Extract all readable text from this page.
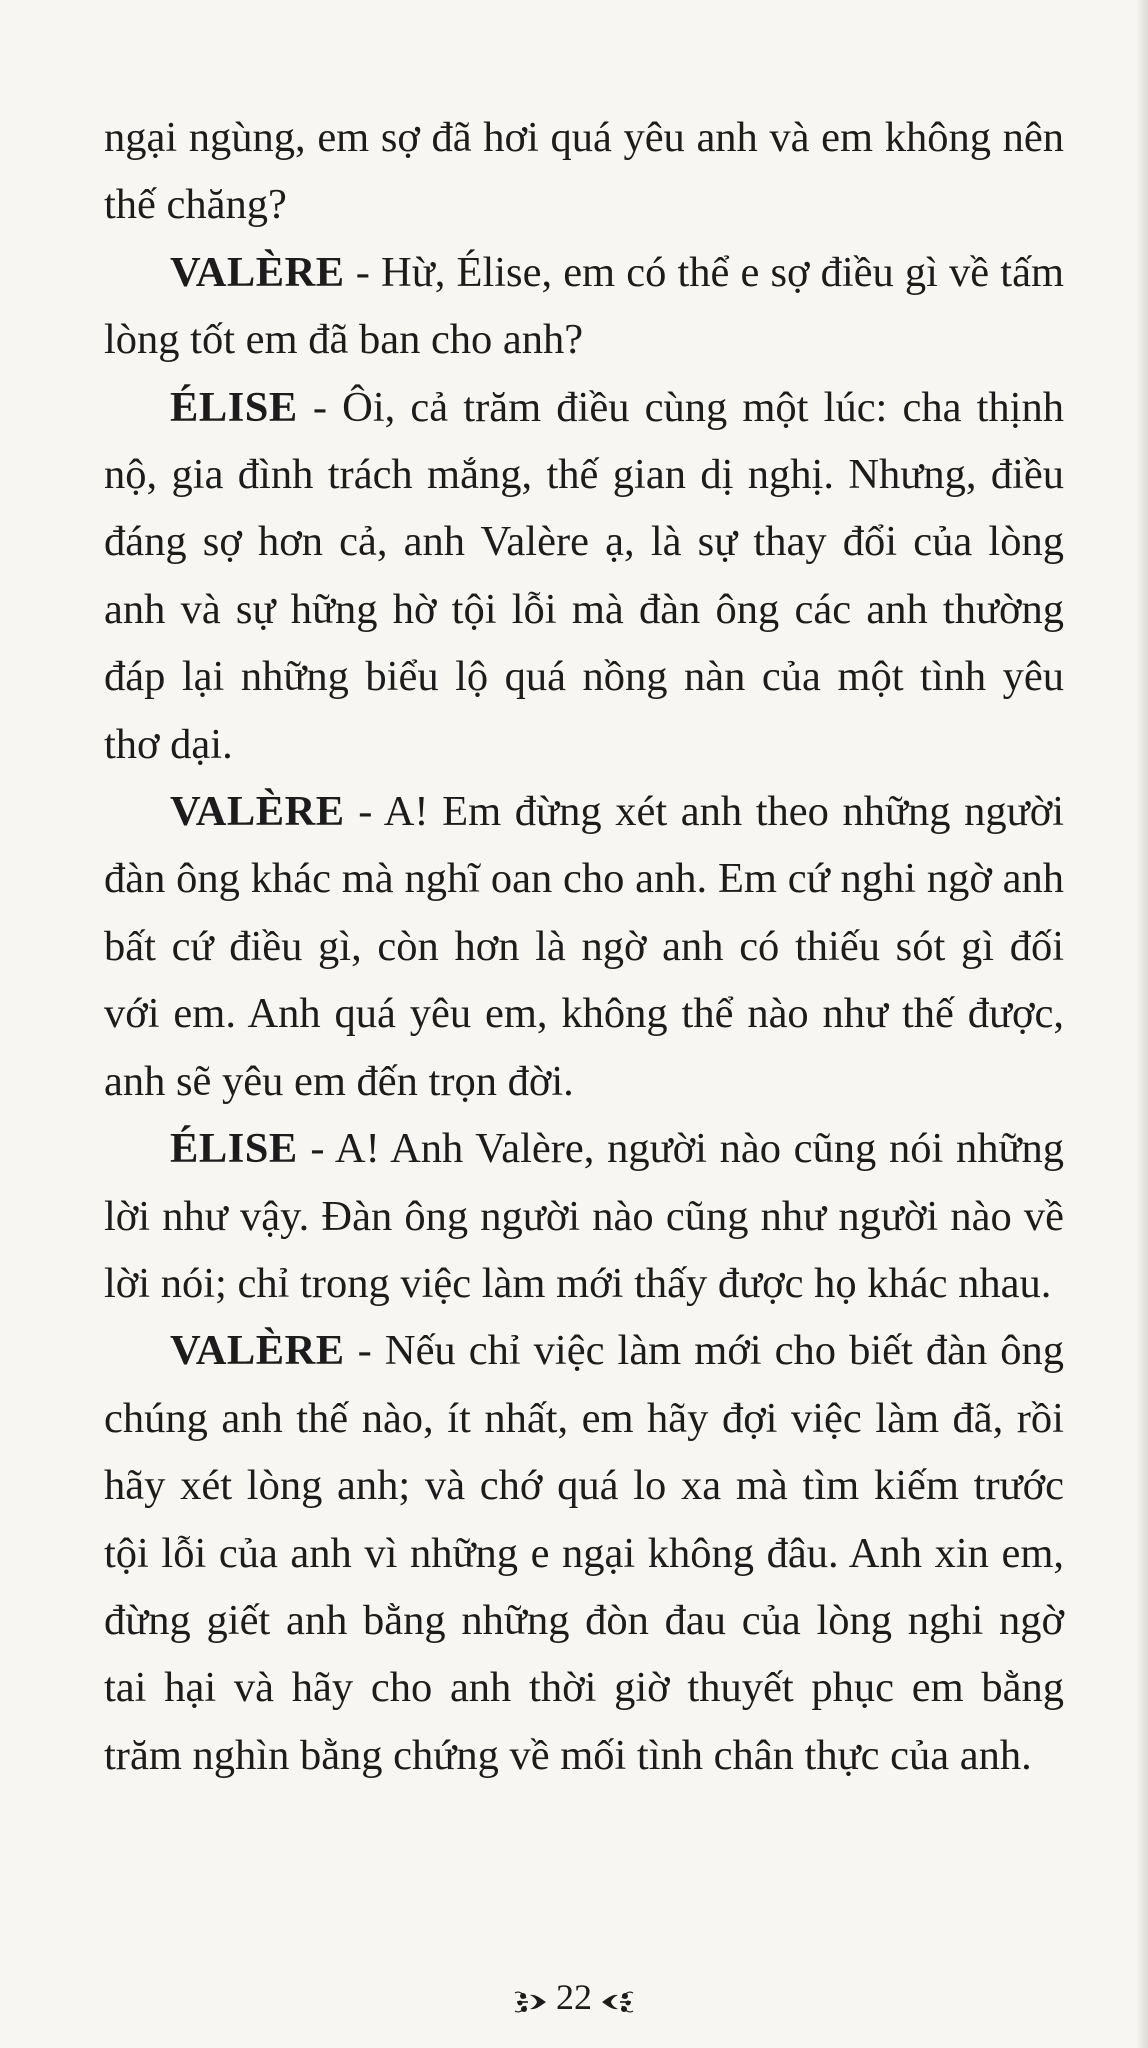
ngại ngùng, em sợ đã hơi quá yêu anh và em không nên thế chăng?

VALÈRE - Hừ, Élise, em có thể e sợ điều gì về tấm lòng tốt em đã ban cho anh?

ÉLISE - Ôi, cả trăm điều cùng một lúc: cha thịnh nộ, gia đình trách mắng, thế gian dị nghị. Nhưng, điều đáng sợ hơn cả, anh Valère ạ, là sự thay đổi của lòng anh và sự hững hờ tội lỗi mà đàn ông các anh thường đáp lại những biểu lộ quá nồng nàn của một tình yêu thơ dại.

VALÈRE - A! Em đừng xét anh theo những người đàn ông khác mà nghĩ oan cho anh. Em cứ nghi ngờ anh bất cứ điều gì, còn hơn là ngờ anh có thiếu sót gì đối với em. Anh quá yêu em, không thể nào như thế được, anh sẽ yêu em đến trọn đời.

ÉLISE - A! Anh Valère, người nào cũng nói những lời như vậy. Đàn ông người nào cũng như người nào về lời nói; chỉ trong việc làm mới thấy được họ khác nhau.

VALÈRE - Nếu chỉ việc làm mới cho biết đàn ông chúng anh thế nào, ít nhất, em hãy đợi việc làm đã, rồi hãy xét lòng anh; và chớ quá lo xa mà tìm kiếm trước tội lỗi của anh vì những e ngại không đâu. Anh xin em, đừng giết anh bằng những đòn đau của lòng nghi ngờ tai hại và hãy cho anh thời giờ thuyết phục em bằng trăm nghìn bằng chứng về mối tình chân thực của anh.

22
